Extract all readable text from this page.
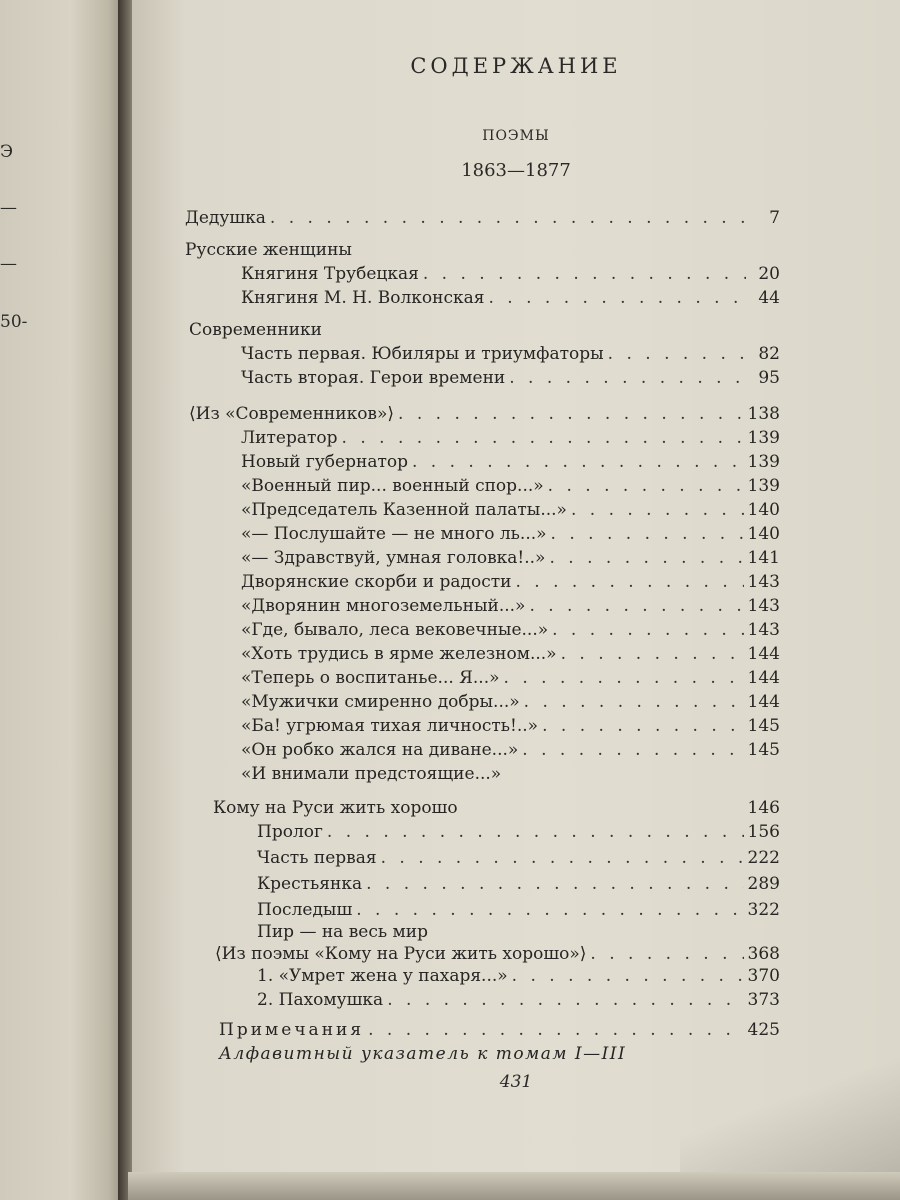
Э
—
—
50-
СОДЕРЖАНИЕ
ПОЭМЫ
1863—1877
Дедушка . . .	7
Русские женщины
Княгиня Трубецкая . . .	20
Княгиня М. Н. Волконская . . .	44
Современники
Часть первая. Юбиляры и триумфаторы . . .	82
Часть вторая. Герои времени . . .	95
⟨Из «Современников»⟩ . . .	138
Литератор . . .	139
Новый губернатор . . .	139
«Военный пир... военный спор...» . . .	139
«Председатель Казенной палаты...» . . .	140
«— Послушайте — не много ль...» . . .	140
«— Здравствуй, умная головка!..» . . .	141
Дворянские скорби и радости . . .	143
«Дворянин многоземельный...» . . .	143
«Где, бывало, леса вековечные...» . . .	143
«Хоть трудись в ярме железном...» . . .	144
«Теперь о воспитанье... Я...» . . .	144
«Мужички смиренно добры...» . . .	144
«Ба! угрюмая тихая личность!..» . . .	145
«Он робко жался на диване...» . . .	145
«И внимали предстоящие...»
Кому на Руси жить хорошо	146
Пролог . . .	156
Часть первая . . .	222
Крестьянка . . .	289
Последыш . . .	322
Пир — на весь мир
⟨Из поэмы «Кому на Руси жить хорошо»⟩ . . .	368
1. «Умрет жена у пахаря...» . . .	370
2. Пахомушка . . .	373
Примечания . . .	425
Алфавитный указатель к томам I—III
431
